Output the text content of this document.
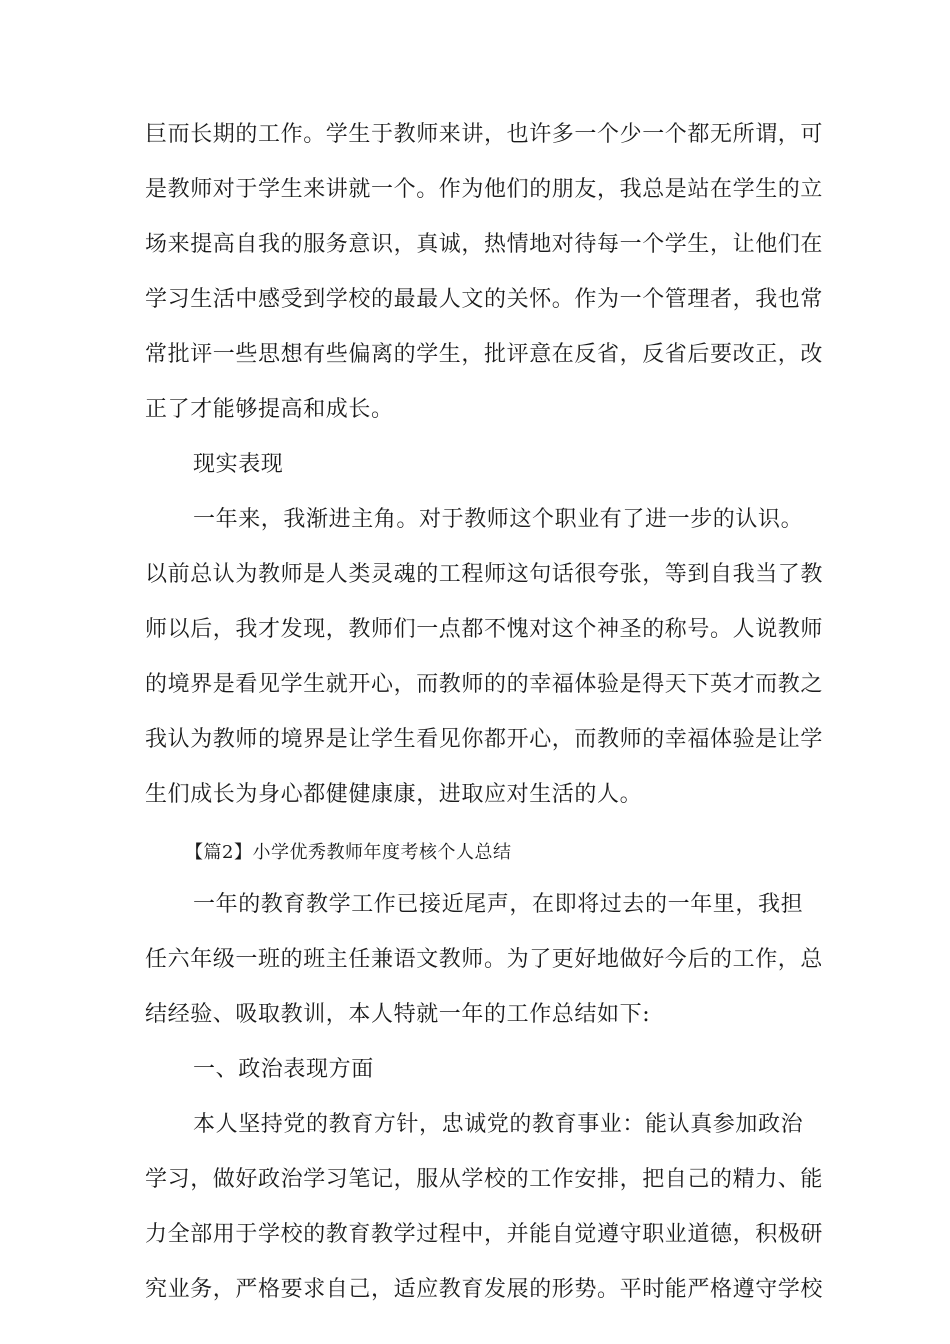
巨而长期的工作。学生于教师来讲，也许多一个少一个都无所谓，可
是教师对于学生来讲就一个。作为他们的朋友，我总是站在学生的立
场来提高自我的服务意识，真诚，热情地对待每一个学生，让他们在
学习生活中感受到学校的最最人文的关怀。作为一个管理者，我也常
常批评一些思想有些偏离的学生，批评意在反省，反省后要改正，改
正了才能够提高和成长。
现实表现
一年来，我渐进主角。对于教师这个职业有了进一步的认识。
以前总认为教师是人类灵魂的工程师这句话很夸张，等到自我当了教
师以后，我才发现，教师们一点都不愧对这个神圣的称号。人说教师
的境界是看见学生就开心，而教师的的幸福体验是得天下英才而教之
我认为教师的境界是让学生看见你都开心，而教师的幸福体验是让学
生们成长为身心都健健康康，进取应对生活的人。
【篇2】小学优秀教师年度考核个人总结
一年的教育教学工作已接近尾声，在即将过去的一年里，我担
任六年级一班的班主任兼语文教师。为了更好地做好今后的工作，总
结经验、吸取教训，本人特就一年的工作总结如下:
一、政治表现方面
本人坚持党的教育方针，忠诚党的教育事业：能认真参加政治
学习，做好政治学习笔记，服从学校的工作安排，把自己的精力、能
力全部用于学校的教育教学过程中，并能自觉遵守职业道德，积极研
究业务，严格要求自己，适应教育发展的形势。平时能严格遵守学校
